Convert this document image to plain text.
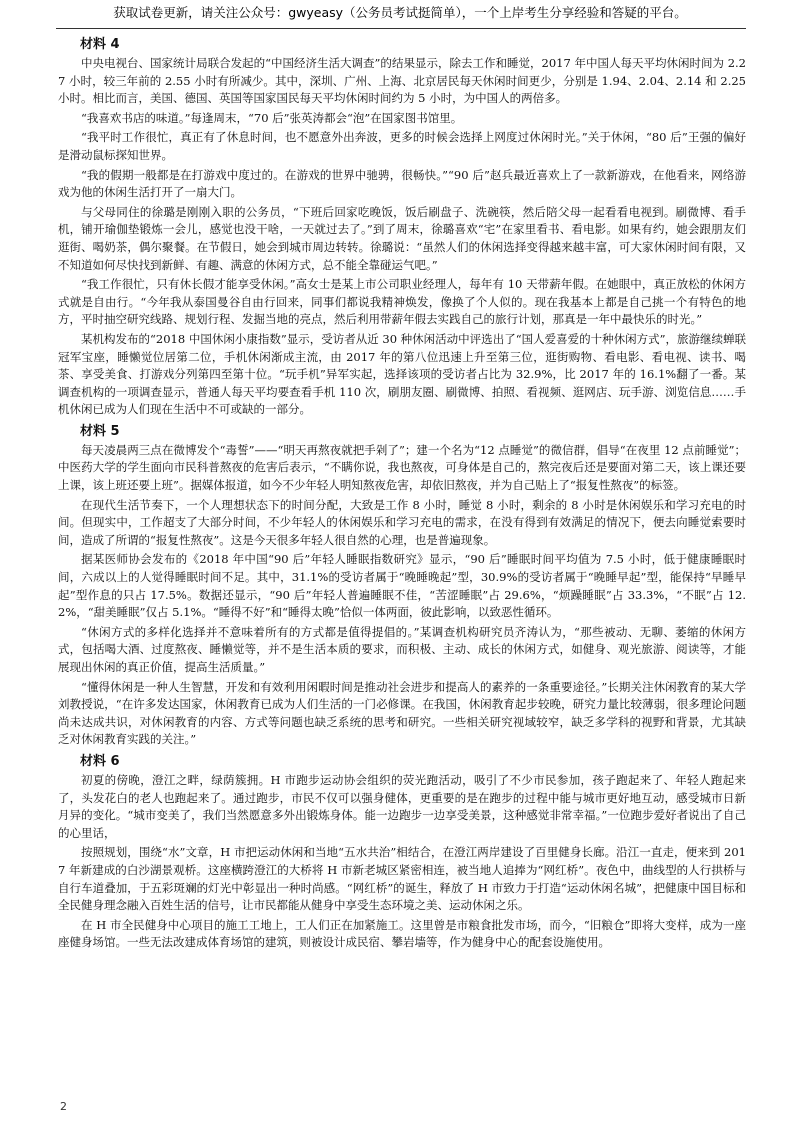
获取试卷更新，请关注公众号：gwyeasy（公务员考试挺简单），一个上岸考生分享经验和答疑的平台。
材料 4

中央电视台、国家统计局联合发起的“中国经济生活大调查”的结果显示，除去工作和睡觉，2017 年中国人每天平均休闲时间为 2.27 小时，较三年前的 2.55 小时有所减少。其中，深圳、广州、上海、北京居民每天休闲时间更少，分别是 1.94、2.04、2.14 和 2.25 小时。相比而言，美国、德国、英国等国家国民每天平均休闲时间约为 5 小时，为中国人的两倍多。

“我喜欢书店的味道。”每逢周末，“70 后”张英涛都会“泡”在国家图书馆里。

“我平时工作很忙，真正有了休息时间，也不愿意外出奔波，更多的时候会选择上网度过休闲时光。”关于休闲，“80 后”王强的偏好是滑动鼠标探知世界。

“我的假期一般都是在打游戏中度过的。在游戏的世界中驰骋，很畅快。”“90 后”赵兵最近喜欢上了一款新游戏，在他看来，网络游戏为他的休闲生活打开了一扇大门。

与父母同住的徐璐是刚刚入职的公务员，“下班后回家吃晚饭，饭后刷盘子、洗碗筷，然后陪父母一起看看电视到。刷微博、看手机，铺开瑜伽垫锻炼一会儿，感觉也没干啥，一天就过去了。”到了周末，徐璐喜欢“宅”在家里看书、看电影。如果有约，她会跟朋友们逛街、喝奶茶，偶尔聚餐。在节假日，她会到城市周边转转。徐璐说：“虽然人们的休闲选择变得越来越丰富，可大家休闲时间有限，又不知道如何尽快找到新鲜、有趣、满意的休闲方式，总不能全靠碰运气吧。”

“我工作很忙，只有休长假才能享受休闲。”高女士是某上市公司职业经理人，每年有 10 天带薪年假。在她眼中，真正放松的休闲方式就是自由行。“今年我从泰国曼谷自由行回来，同事们都说我精神焕发，像换了个人似的。现在我基本上都是自己挑一个有特色的地方，平时抽空研究线路、规划行程、发掘当地的亮点，然后利用带薪年假去实践自己的旅行计划，那真是一年中最快乐的时光。”

某机构发布的“2018 中国休闲小康指数”显示，受访者从近 30 种休闲活动中评选出了“国人爱喜爱的十种休闲方式”，旅游继续蝉联冠军宝座，睡懒觉位居第二位，手机休闲渐成主流，由 2017 年的第八位迅速上升至第三位，逛街购物、看电影、看电视、读书、喝茶、享受美食、打游戏分列第四至第十位。“玩手机”异军实起，选择该项的受访者占比为 32.9%，比 2017 年的 16.1%翻了一番。某调查机构的一项调查显示，普通人每天平均要查看手机 110 次，刷朋友圈、刷微博、拍照、看视频、逛网店、玩手游、浏览信息……手机休闲已成为人们现在生活中不可或缺的一部分。

材料 5

每天凌晨两三点在微博发个“毒誓”——“明天再熬夜就把手剁了”；建一个名为“12 点睡觉”的微信群，倡导“在夜里 12 点前睡觉”；中医药大学的学生面向市民科普熬夜的危害后表示，“不瞒你说，我也熬夜，可身体是自己的，熬完夜后还是要面对第二天，该上课还要上课，该上班还要上班”。据媒体报道，如今不少年轻人明知熬夜危害，却依旧熬夜，并为自己贴上了“报复性熬夜”的标签。

在现代生活节奏下，一个人理想状态下的时间分配，大致是工作 8 小时，睡觉 8 小时，剩余的 8 小时是休闲娱乐和学习充电的时间。但现实中，工作超支了大部分时间，不少年轻人的休闲娱乐和学习充电的需求，在没有得到有效满足的情况下，便去向睡觉索要时间，造成了所谓的“报复性熬夜”。这是今天很多年轻人很自然的心理，也是普遍现象。

据某医师协会发布的《2018 年中国“90 后”年轻人睡眠指数研究》显示，“90 后”睡眠时间平均值为 7.5 小时，低于健康睡眠时间，六成以上的人觉得睡眠时间不足。其中，31.1%的受访者属于“晚睡晚起”型，30.9%的受访者属于“晚睡早起”型，能保持“早睡早起”型作息的只占 17.5%。数据还显示，“90 后”年轻人普遍睡眠不佳，“苦涩睡眠”占 29.6%，“烦躁睡眠”占 33.3%，“不眠”占 12.2%，“甜美睡眠”仅占 5.1%。“睡得不好”和“睡得太晚”恰似一体两面，彼此影响，以致恶性循环。

“休闲方式的多样化选择并不意味着所有的方式都是值得提倡的。”某调查机构研究员齐涛认为，“那些被动、无聊、萎缩的休闲方式，包括喝大酒、过度熬夜、睡懒觉等，并不是生活本质的要求，而积极、主动、成长的休闲方式，如健身、观光旅游、阅读等，才能展现出休闲的真正价值，提高生活质量。”

“懂得休闲是一种人生智慧，开发和有效利用闲暇时间是推动社会进步和提高人的素养的一条重要途径。”长期关注休闲教育的某大学刘教授说，“在许多发达国家，休闲教育已成为人们生活的一门必修课。在我国，休闲教育起步较晚，研究力量比较薄弱，很多理论问题尚未达成共识，对休闲教育的内容、方式等问题也缺乏系统的思考和研究。一些相关研究视域较窄，缺乏多学科的视野和背景，尤其缺乏对休闲教育实践的关注。”

材料 6

初夏的傍晚，澄江之畔，绿荫簇拥。H 市跑步运动协会组织的荧光跑活动，吸引了不少市民参加，孩子跑起来了、年轻人跑起来了，头发花白的老人也跑起来了。通过跑步，市民不仅可以强身健体，更重要的是在跑步的过程中能与城市更好地互动，感受城市日新月异的变化。“城市变美了，我们当然愿意多外出锻炼身体。能一边跑步一边享受美景，这种感觉非常幸福。”一位跑步爱好者说出了自己的心里话，

按照规划，围绕“水”文章，H 市把运动休闲和当地“五水共治”相结合，在澄江两岸建设了百里健身长廊。沿江一直走，便来到 2017 年新建成的白沙湖景观桥。这座横跨澄江的大桥将 H 市新老城区紧密相连，被当地人追捧为“网红桥”。夜色中，曲线型的人行拱桥与自行车道叠加，于五彩斑斓的灯光中彰显出一种时尚感。“网红桥”的诞生，释放了 H 市致力于打造“运动休闲名城”，把健康中国目标和全民健身理念融入百姓生活的信号，让市民都能从健身中享受生态环境之美、运动休闲之乐。

在 H 市全民健身中心项目的施工工地上，工人们正在加紧施工。这里曾是市粮食批发市场，而今，“旧粮仓”即将大变样，成为一座座健身场馆。一些无法改建成体育场馆的建筑，则被设计成民宿、攀岩墙等，作为健身中心的配套设施使用。

2
